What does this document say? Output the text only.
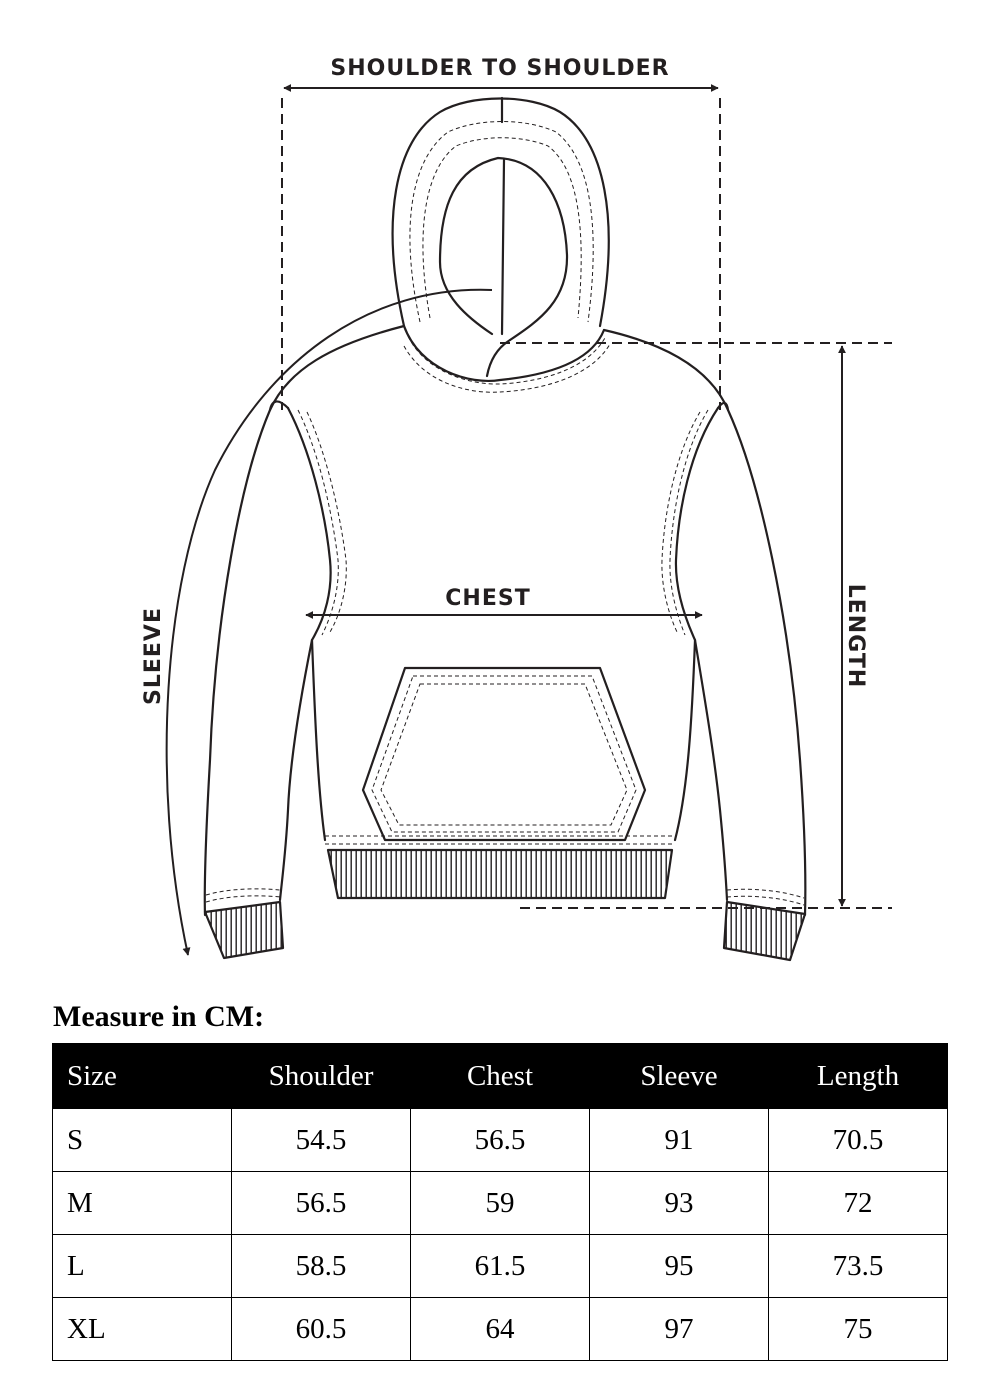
SHOULDER TO SHOULDER
CHEST
SLEEVE	LENGTH
Measure in CM:
Size	Shoulder	Chest	Sleeve	Length
S	54.5	56.5	91	70.5
M	56.5	59	93	72
L	58.5	61.5	95	73.5
XL	60.5	64	97	75
